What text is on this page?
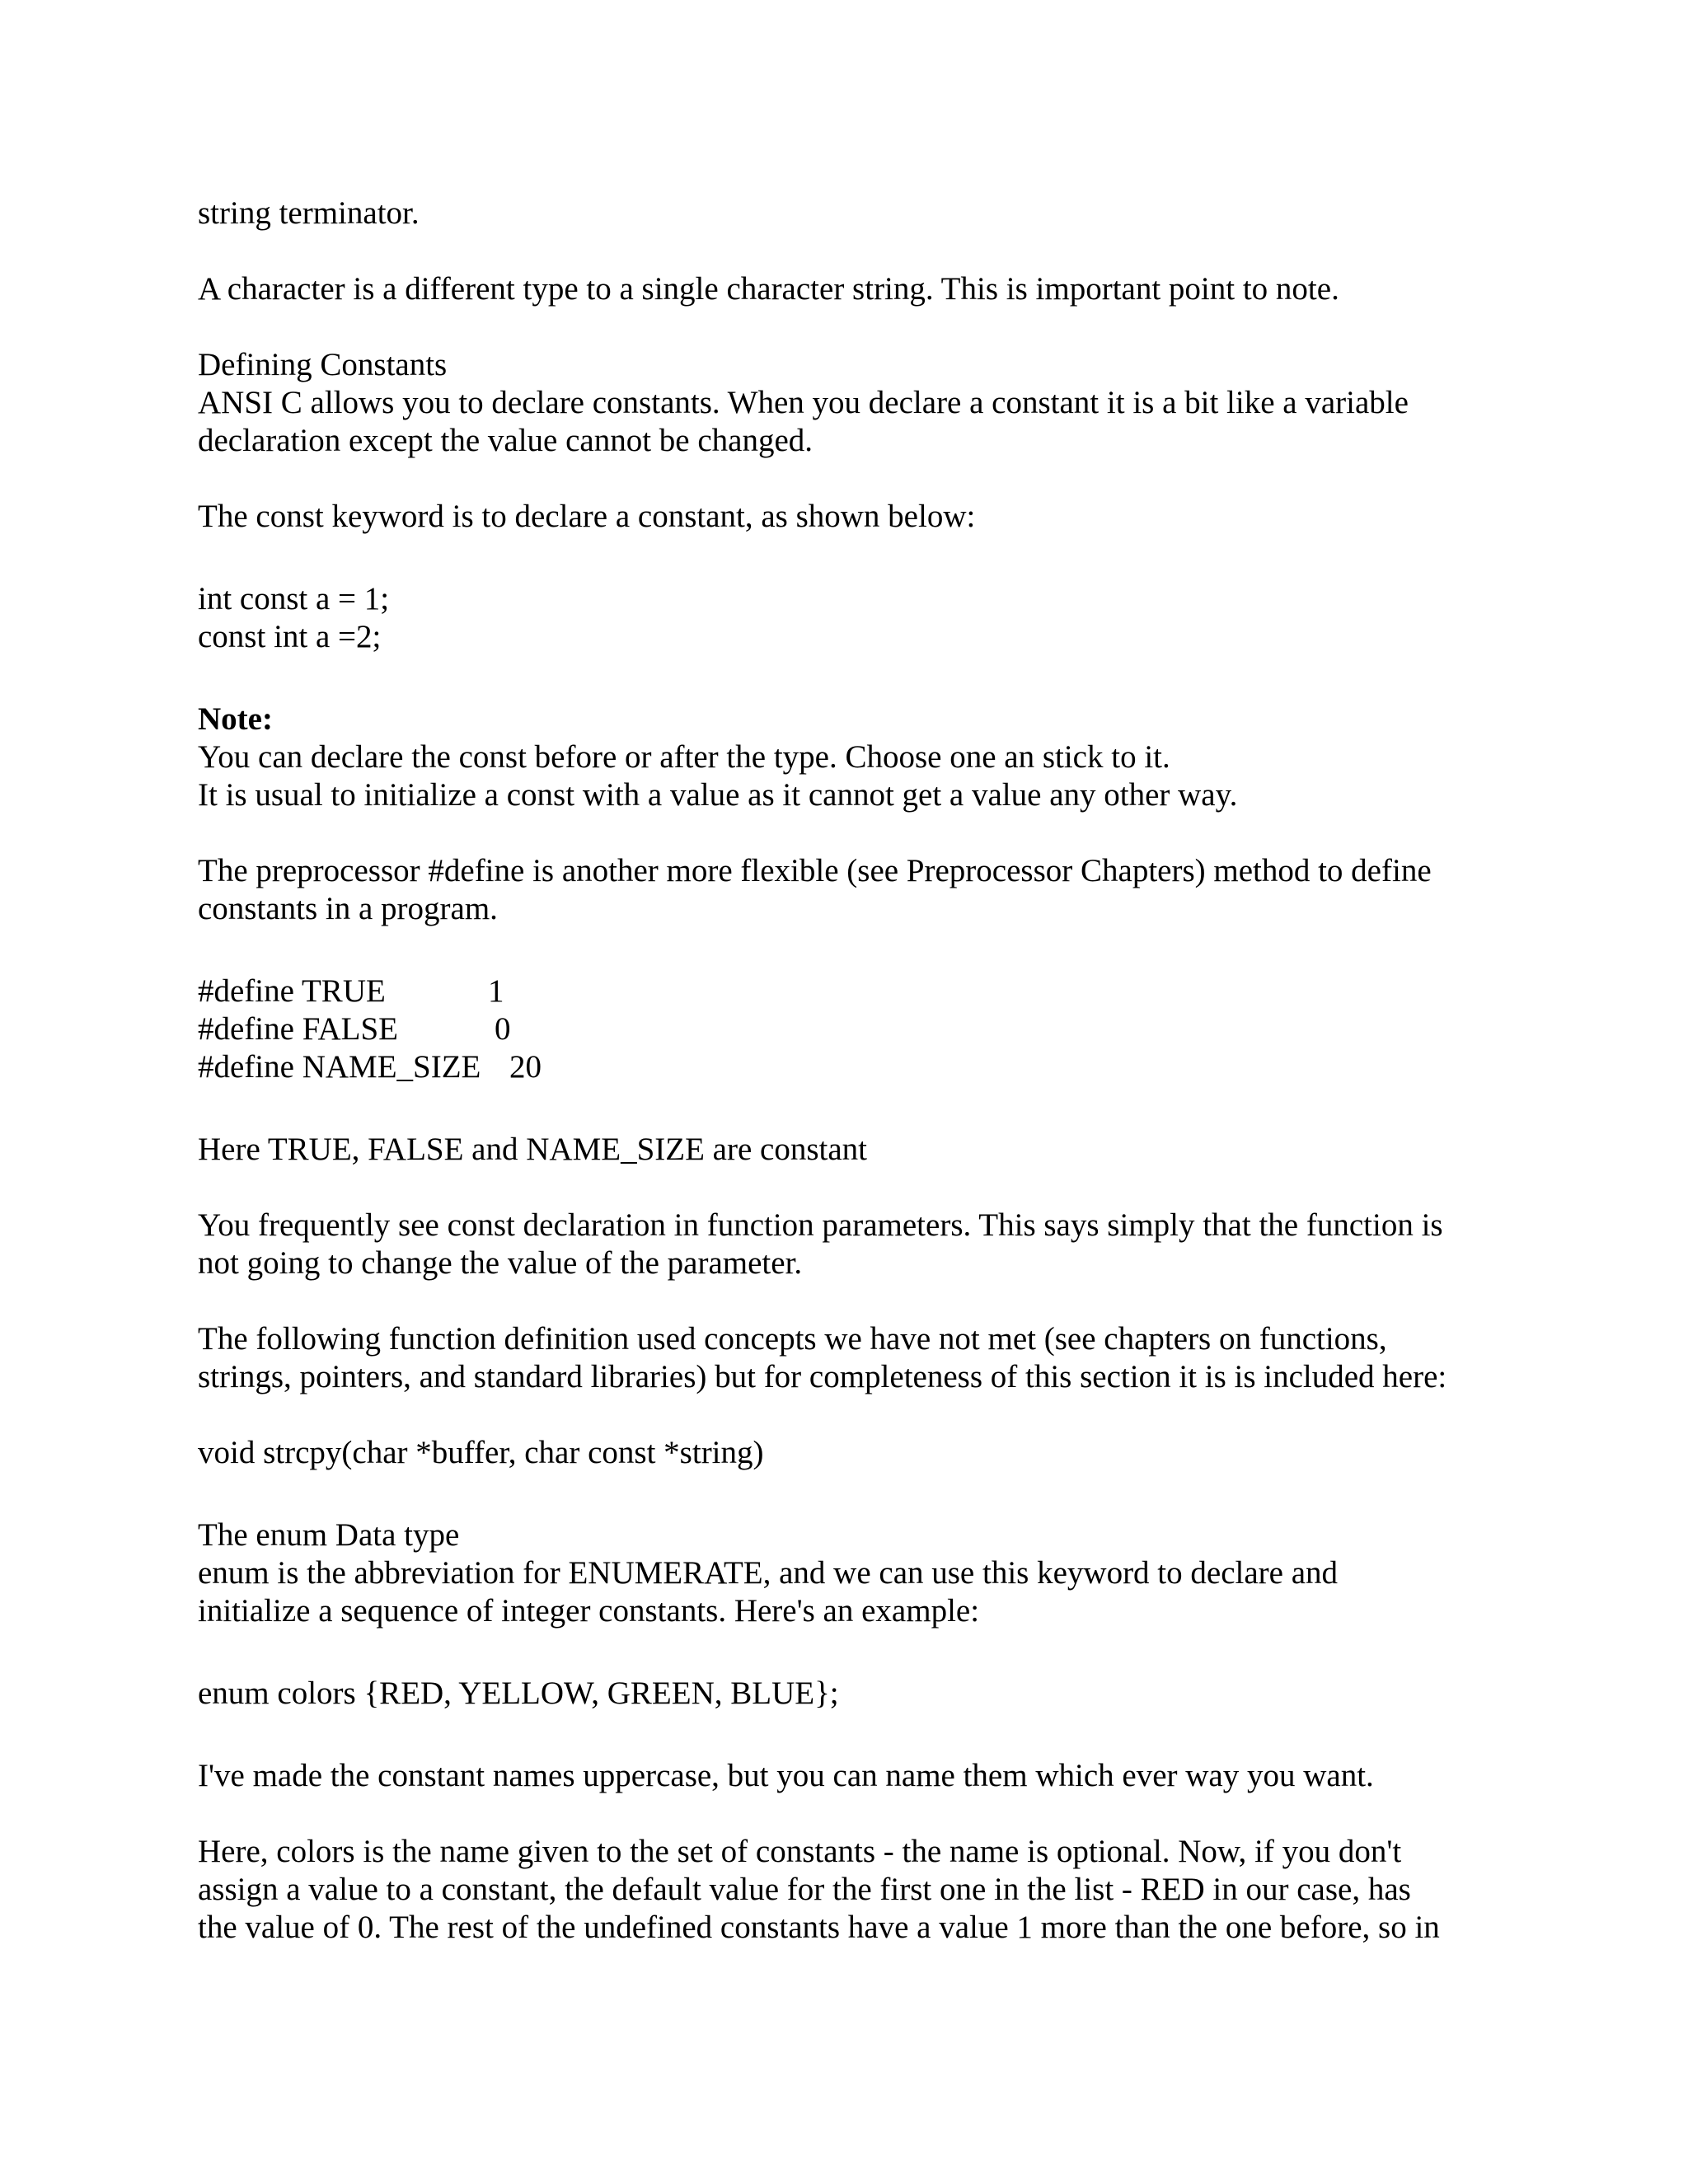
string terminator.

A character is a different type to a single character string. This is important point to note.

Defining Constants

ANSI C allows you to declare constants. When you declare a constant it is a bit like a variable

declaration except the value cannot be changed.

The const keyword is to declare a constant, as shown below:

int const a = 1;

const int a =2;

Note:

You can declare the const before or after the type. Choose one an stick to it.

It is usual to initialize a const with a value as it cannot get a value any other way.

The preprocessor #define is another more flexible (see Preprocessor Chapters) method to define

constants in a program.

#define TRUE	1
#define FALSE	0
#define NAME_SIZE 20

Here TRUE, FALSE and NAME_SIZE are constant

You frequently see const declaration in function parameters. This says simply that the function is

not going to change the value of the parameter.

The following function definition used concepts we have not met (see chapters on functions,

strings, pointers, and standard libraries) but for completeness of this section it is is included here:

void strcpy(char *buffer, char const *string)

The enum Data type

enum is the abbreviation for ENUMERATE, and we can use this keyword to declare and

initialize a sequence of integer constants. Here's an example:

enum colors {RED, YELLOW, GREEN, BLUE};

I've made the constant names uppercase, but you can name them which ever way you want.

Here, colors is the name given to the set of constants - the name is optional. Now, if you don't

assign a value to a constant, the default value for the first one in the list - RED in our case, has

the value of 0. The rest of the undefined constants have a value 1 more than the one before, so in
